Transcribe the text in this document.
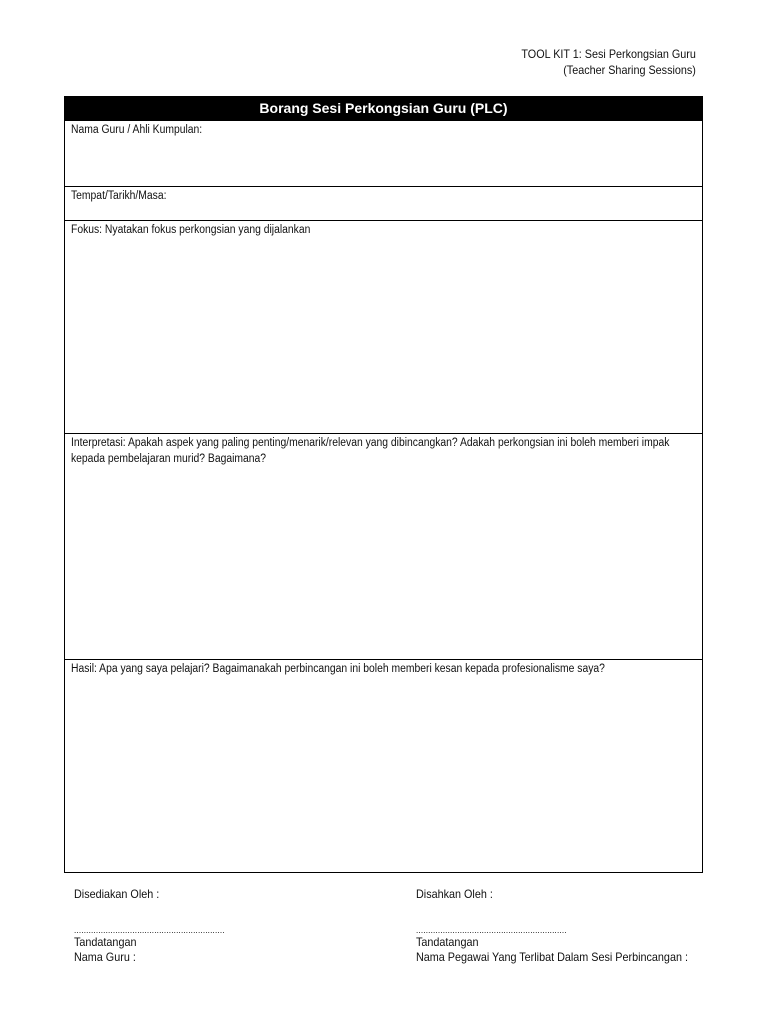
TOOL KIT 1: Sesi Perkongsian Guru
(Teacher Sharing Sessions)
Borang Sesi Perkongsian Guru (PLC)
Nama Guru / Ahli Kumpulan:
Tempat/Tarikh/Masa:
Fokus: Nyatakan fokus perkongsian yang dijalankan
Interpretasi: Apakah aspek yang paling penting/menarik/relevan yang dibincangkan? Adakah perkongsian ini boleh memberi impak kepada pembelajaran murid? Bagaimana?
Hasil: Apa yang saya pelajari? Bagaimanakah perbincangan ini boleh memberi kesan kepada profesionalisme saya?
Disediakan Oleh :
..............................................................
Tandatangan
Nama Guru :
Disahkan Oleh :
..............................................................
Tandatangan
Nama Pegawai Yang Terlibat Dalam Sesi Perbincangan :
